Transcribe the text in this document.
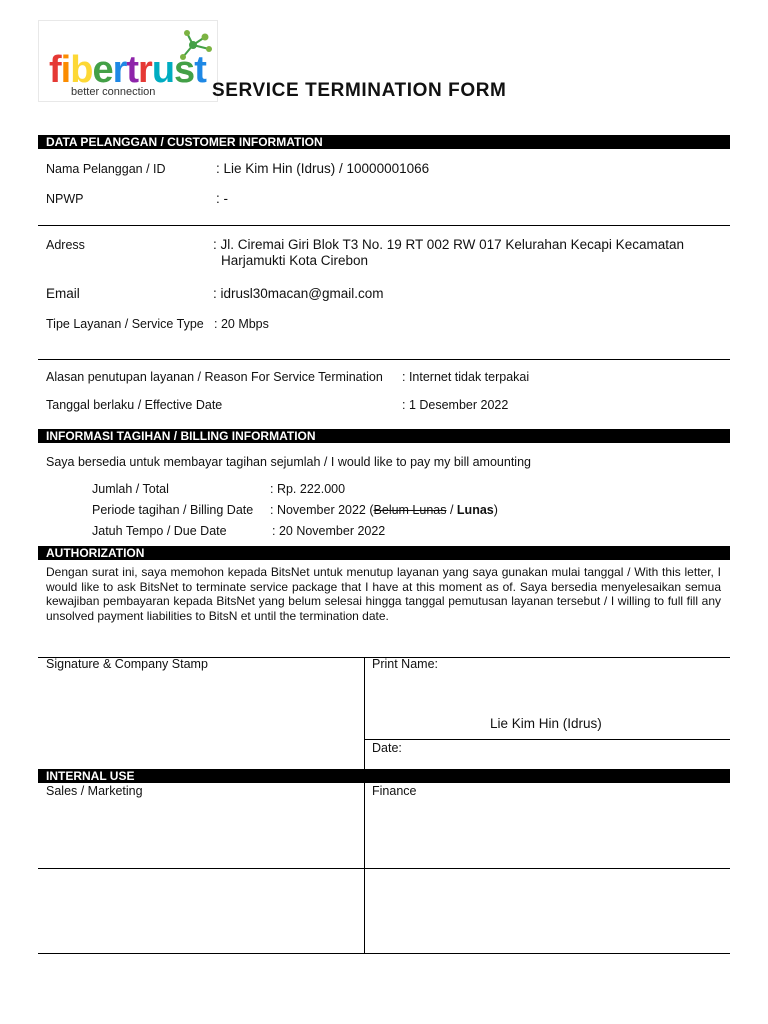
fibertrust
better connection	SERVICE TERMINATION FORM
DATA PELANGGAN / CUSTOMER INFORMATION
Nama Pelanggan / ID	: Lie Kim Hin (Idrus) / 10000001066
NPWP	: -
Adress	: Jl. Ciremai Giri Blok T3 No. 19 RT 002 RW 017 Kelurahan Kecapi Kecamatan
Harjamukti Kota Cirebon
Email	: idrusl30macan@gmail.com
Tipe Layanan / Service Type : 20 Mbps
Alasan penutupan layanan / Reason For Service Termination : Internet tidak terpakai
Tanggal berlaku / Effective Date	: 1 Desember 2022
INFORMASI TAGIHAN / BILLING INFORMATION
Saya bersedia untuk membayar tagihan sejumlah / I would like to pay my bill amounting
Jumlah / Total	: Rp. 222.000
Periode tagihan / Billing Date : November 2022 (Belum Lunas / Lunas)
Jatuh Tempo / Due Date	: 20 November 2022
AUTHORIZATION
Dengan surat ini, saya memohon kepada BitsNet untuk menutup layanan yang saya gunakan mulai tanggal / With this letter, I would like to ask BitsNet to terminate service package that I have at this moment as of. Saya bersedia menyelesaikan semua kewajiban pembayaran kepada BitsNet yang belum selesai hingga tanggal pemutusan layanan tersebut / I willing to full fill any unsolved payment liabilities to BitsN et until the termination date.
Signature & Company Stamp	Print Name:
Lie Kim Hin (Idrus)
Date:
INTERNAL USE
Sales / Marketing	Finance
